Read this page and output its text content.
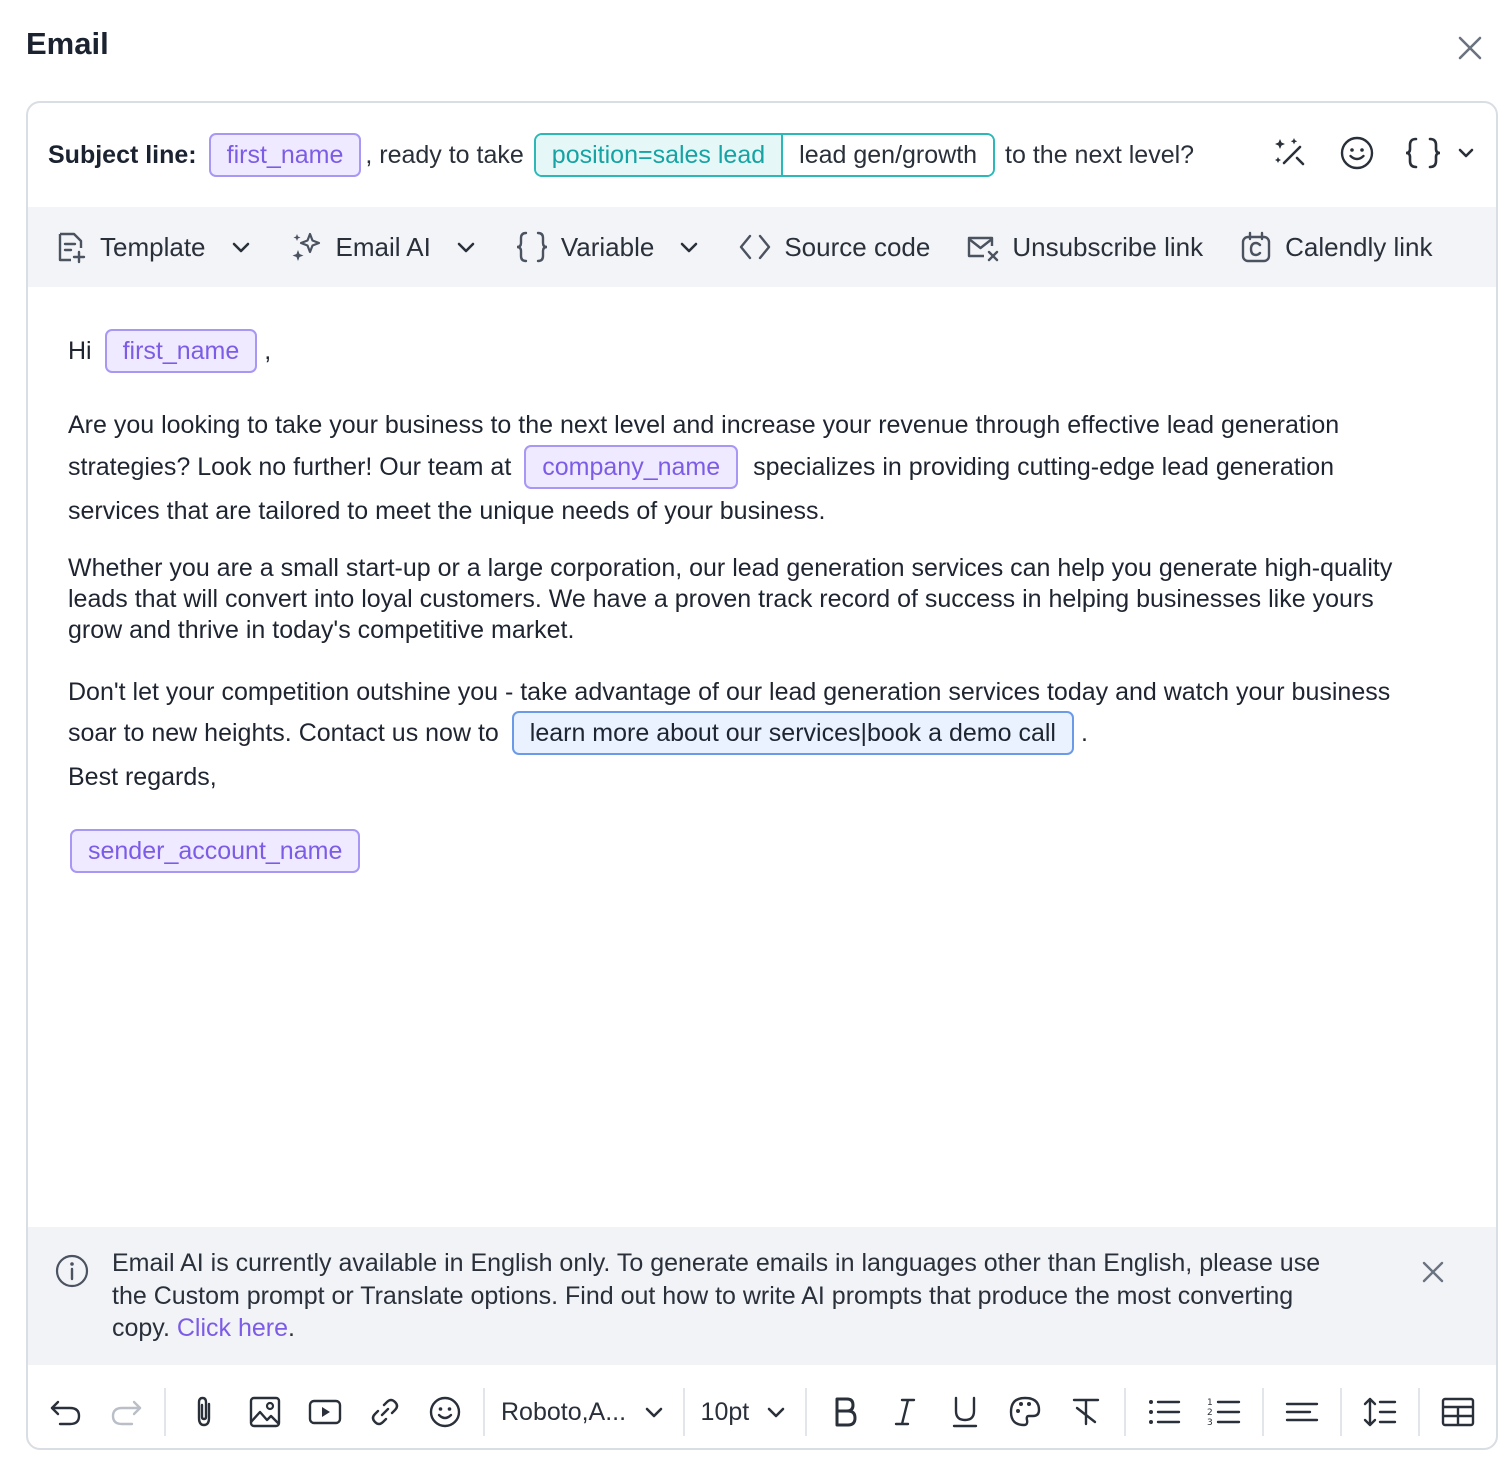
Email
Subject line:	first_name , ready to take	position=sales lead	lead gen/growth	to the next level?
Template	Email AI	Variable	Source code	Unsubscribe link	Calendly link
Hi first_name ,
Are you looking to take your business to the next level and increase your revenue through effective lead generation
strategies? Look no further! Our team at company_name specializes in providing cutting-edge lead generation
services that are tailored to meet the unique needs of your business.
Whether you are a small start-up or a large corporation, our lead generation services can help you generate high-quality
leads that will convert into loyal customers. We have a proven track record of success in helping businesses like yours
grow and thrive in today's competitive market.
Don't let your competition outshine you - take advantage of our lead generation services today and watch your business
soar to new heights. Contact us now to learn more about our services|book a demo call .
Best regards,
sender_account_name
Email AI is currently available in English only. To generate emails in languages other than English, please use
the Custom prompt or Translate options. Find out how to write AI prompts that produce the most converting
copy. Click here.
Roboto,A...	10pt	1
2
3
